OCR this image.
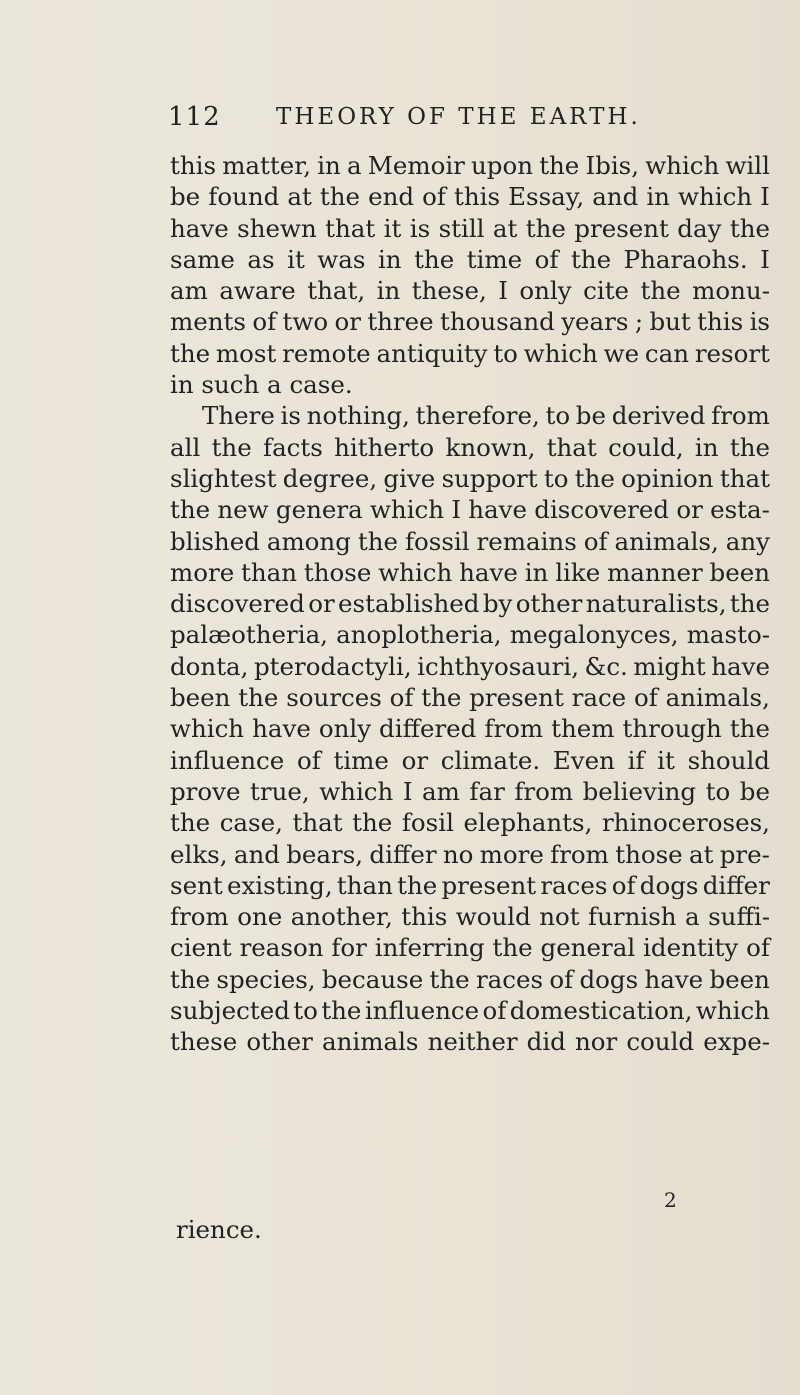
112 THEORY OF THE EARTH.
this matter, in a Memoir upon the Ibis, which will
be found at the end of this Essay, and in which I
have shewn that it is still at the present day the
same as it was in the time of the Pharaohs. I
am aware that, in these, I only cite the monu-
ments of two or three thousand years ; but this is
the most remote antiquity to which we can resort
in such a case.
There is nothing, therefore, to be derived from
all the facts hitherto known, that could, in the
slightest degree, give support to the opinion that
the new genera which I have discovered or esta-
blished among the fossil remains of animals, any
more than those which have in like manner been
discovered or established by other naturalists, the
palæotheria, anoplotheria, megalonyces, masto-
donta, pterodactyli, ichthyosauri, &c. might have
been the sources of the present race of animals,
which have only differed from them through the
influence of time or climate. Even if it should
prove true, which I am far from believing to be
the case, that the fosil elephants, rhinoceroses,
elks, and bears, differ no more from those at pre-
sent existing, than the present races of dogs differ
from one another, this would not furnish a suffi-
cient reason for inferring the general identity of
the species, because the races of dogs have been
subjected to the influence of domestication, which
these other animals neither did nor could expe-
2
rience.
